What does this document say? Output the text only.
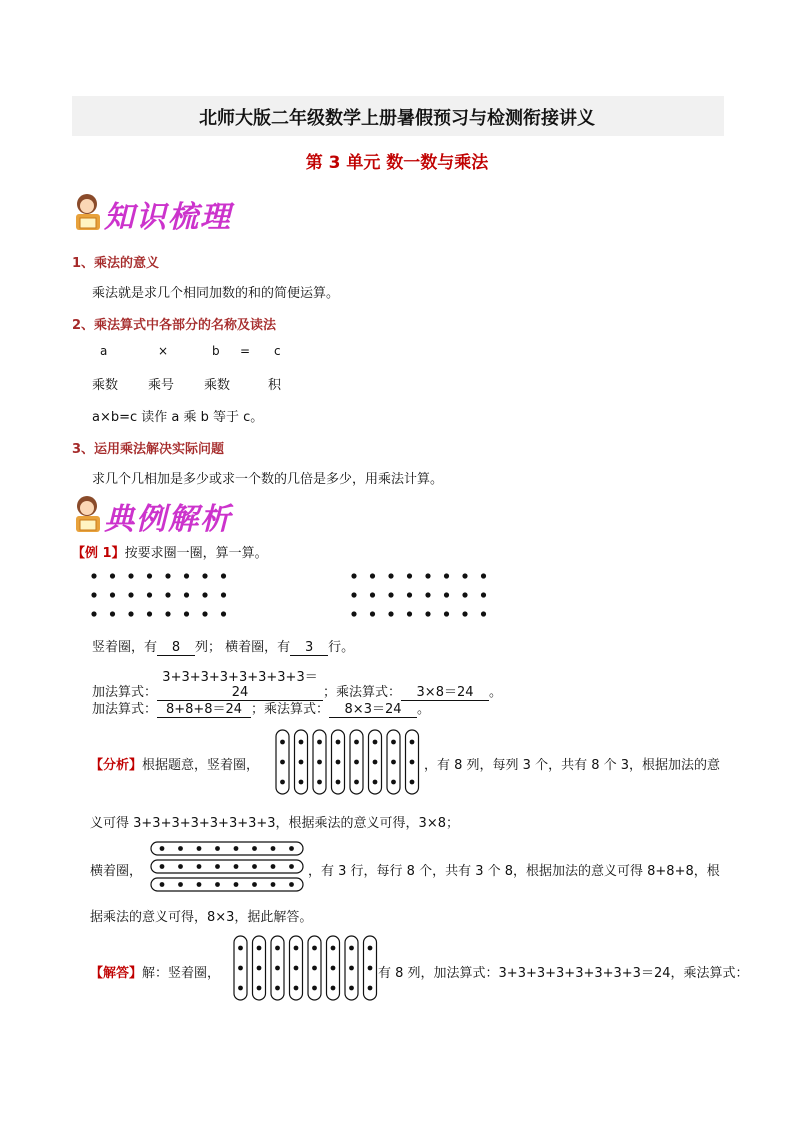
北师大版二年级数学上册暑假预习与检测衔接讲义
第 3 单元 数一数与乘法
知识梳理
1、乘法的意义
乘法就是求几个相同加数的和的简便运算。
2、乘法算式中各部分的名称及读法
a	×	b = c
乘数 乘号 乘数	积
a×b=c 读作 a 乘 b 等于 c。
3、运用乘法解决实际问题
求几个几相加是多少或求一个数的几倍是多少，用乘法计算。
典例解析
【例 1】按要求圈一圈，算一算。
竖着圈，有 8 列； 横着圈，有 3 行。
加法算式：3+3+3+3+3+3+3+3＝24	；乘法算式： 3×8＝24 。
加法算式： 8+8+8＝24 ；乘法算式： 8×3＝24 。
【分析】根据题意，竖着圈，	，有 8 列，每列 3 个，共有 8 个 3，根据加法的意
义可得 3+3+3+3+3+3+3+3，根据乘法的意义可得，3×8；
横着圈，	，有 3 行，每行 8 个，共有 3 个 8，根据加法的意义可得 8+8+8，根
据乘法的意义可得，8×3，据此解答。
【解答】解：竖着圈，	有 8 列，加法算式：3+3+3+3+3+3+3+3＝24，乘法算式：
